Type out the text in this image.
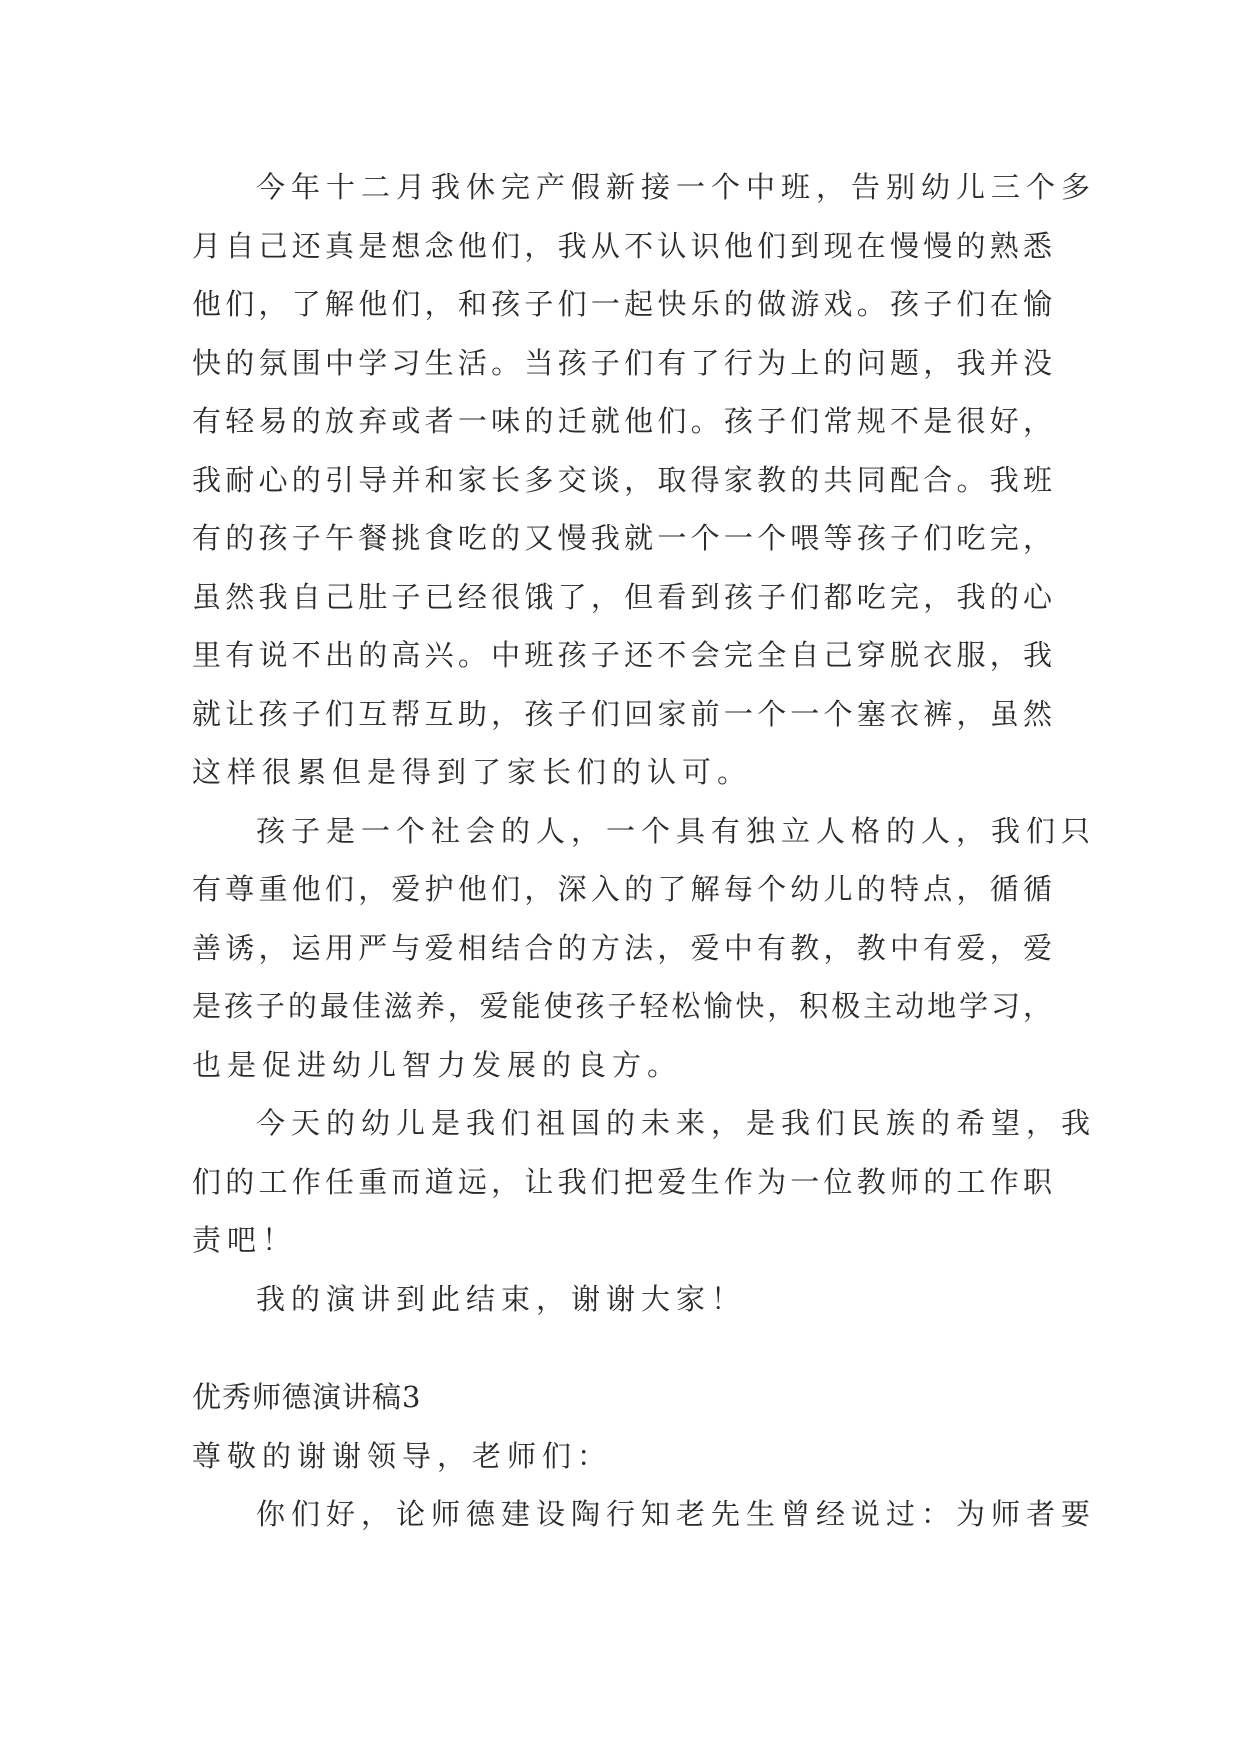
今年十二月我休完产假新接一个中班，告别幼儿三个多
月自己还真是想念他们，我从不认识他们到现在慢慢的熟悉
他们，了解他们，和孩子们一起快乐的做游戏。孩子们在愉
快的氛围中学习生活。当孩子们有了行为上的问题，我并没
有轻易的放弃或者一味的迁就他们。孩子们常规不是很好，
我耐心的引导并和家长多交谈，取得家教的共同配合。我班
有的孩子午餐挑食吃的又慢我就一个一个喂等孩子们吃完，
虽然我自己肚子已经很饿了，但看到孩子们都吃完，我的心
里有说不出的高兴。中班孩子还不会完全自己穿脱衣服，我
就让孩子们互帮互助，孩子们回家前一个一个塞衣裤，虽然
这样很累但是得到了家长们的认可。
孩子是一个社会的人，一个具有独立人格的人，我们只
有尊重他们，爱护他们，深入的了解每个幼儿的特点，循循
善诱，运用严与爱相结合的方法，爱中有教，教中有爱，爱
是孩子的最佳滋养，爱能使孩子轻松愉快，积极主动地学习，
也是促进幼儿智力发展的良方。
今天的幼儿是我们祖国的未来，是我们民族的希望，我
们的工作任重而道远，让我们把爱生作为一位教师的工作职
责吧！
我的演讲到此结束，谢谢大家！
优秀师德演讲稿3
尊敬的谢谢领导，老师们：
你们好，论师德建设陶行知老先生曾经说过：为师者要
